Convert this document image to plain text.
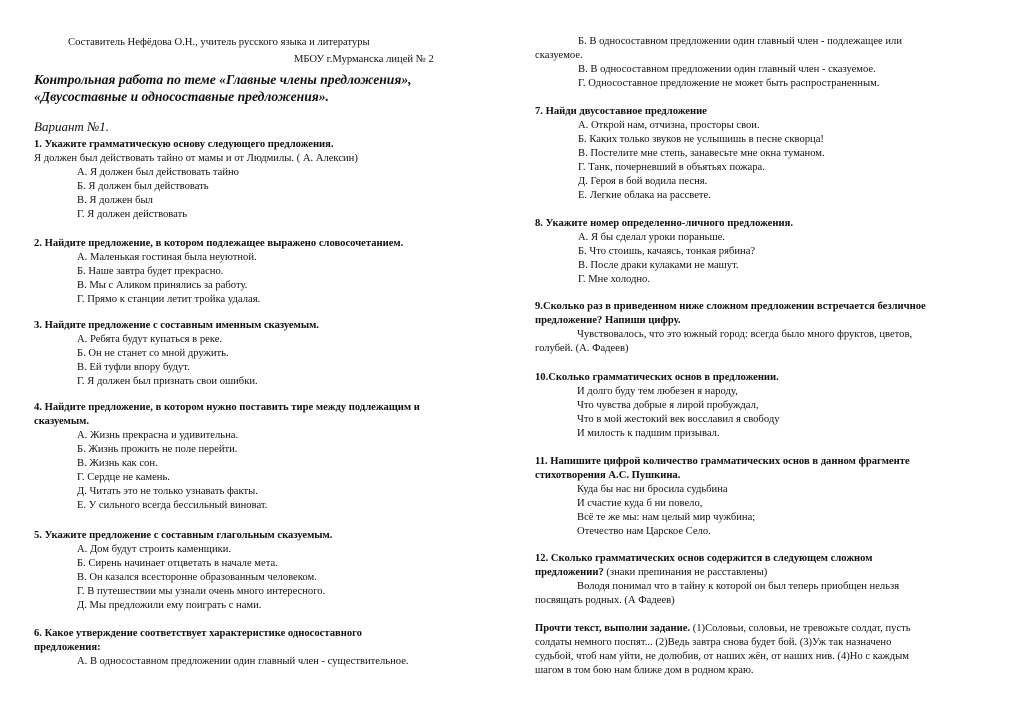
Составитель Нефёдова О.Н., учитель русского языка и литературы
МБОУ г.Мурманска лицей № 2
Контрольная работа по теме «Главные члены предложения»,
«Двусоставные и односоставные предложения».
Вариант №1.
1. Укажите грамматическую основу следующего предложения.
Я должен был действовать тайно от мамы и от Людмилы. ( А. Алексин)
А. Я должен был действовать тайно
Б. Я должен был действовать
В. Я должен был
Г. Я должен действовать
2. Найдите предложение, в котором подлежащее выражено словосочетанием.
А. Маленькая гостиная была неуютной.
Б. Наше завтра будет прекрасно.
В. Мы с Аликом принялись за работу.
Г. Прямо к станции летит тройка удалая.
3. Найдите предложение с составным именным сказуемым.
А. Ребята будут купаться в реке.
Б. Он не станет со мной дружить.
В. Ей туфли впору будут.
Г. Я должен был признать свои ошибки.
4. Найдите предложение, в котором нужно поставить тире между подлежащим и
сказуемым.
А. Жизнь прекрасна и удивительна.
Б. Жизнь прожить не поле перейти.
В. Жизнь как сон.
Г. Сердце не камень.
Д. Читать это не только узнавать факты.
Е. У сильного всегда бессильный виноват.
5. Укажите предложение с составным глагольным сказуемым.
А. Дом будут строить каменщики.
Б. Сирень начинает отцветать в начале мета.
В. Он казался всесторонне образованным человеком.
Г. В путешествии мы узнали очень много интересного.
Д. Мы предложили ему поиграть с нами.
6. Какое утверждение соответствует характеристике односоставного
предложения:
А. В односоставном предложении один главный член - существительное.
Б. В односоставном предложении один главный член - подлежащее или
сказуемое.
В. В односоставном предложении один главный член - сказуемое.
Г. Односоставное предложение не может быть распространенным.
7. Найди двусоставное предложение
А. Открой нам, отчизна, просторы свои.
Б. Каких только звуков не услышишь в песне скворца!
В. Постелите мне степь, занавесьте мне окна туманом.
Г. Танк, почерневший в объятьях пожара.
Д. Героя в бой водила песня.
Е. Легкие облака на рассвете.
8. Укажите номер определенно-личного предложения.
А. Я бы сделал уроки пораньше.
Б. Что стоишь, качаясь, тонкая рябина?
В. После драки кулаками не машут.
Г. Мне холодно.
9.Сколько раз в приведенном ниже сложном предложении встречается безличное
предложение? Напиши цифру.
Чувствовалось, что это южный город: всегда было много фруктов, цветов,
голубей. (А. Фадеев)
10.Сколько грамматических основ в предложении.
И долго буду тем любезен я народу,
Что чувства добрые я лирой пробуждал,
Что в мой жестокий век восславил я свободу
И милость к падшим призывал.
11. Напишите цифрой количество грамматических основ в данном фрагменте
стихотворения А.С. Пушкина.
Куда бы нас ни бросила судьбина
И счастие куда б ни повело,
Всё те же мы: нам целый мир чужбина;
Отечество нам Царское Село.
12. Сколько грамматических основ содержится в следующем сложном
предложении? (знаки препинания не расставлены)
Володя понимал что в тайну к которой он был теперь приобщен нельзя
посвящать родных. (А Фадеев)
Прочти текст, выполни задание. (1)Соловьи, соловьи, не тревожьте солдат, пусть
солдаты немного поспят... (2)Ведь завтра снова будет бой. (3)Уж так назначено
судьбой, чтоб нам уйти, не долюбив, от наших жён, от наших нив. (4)Но с каждым
шагом в том бою нам ближе дом в родном краю.
